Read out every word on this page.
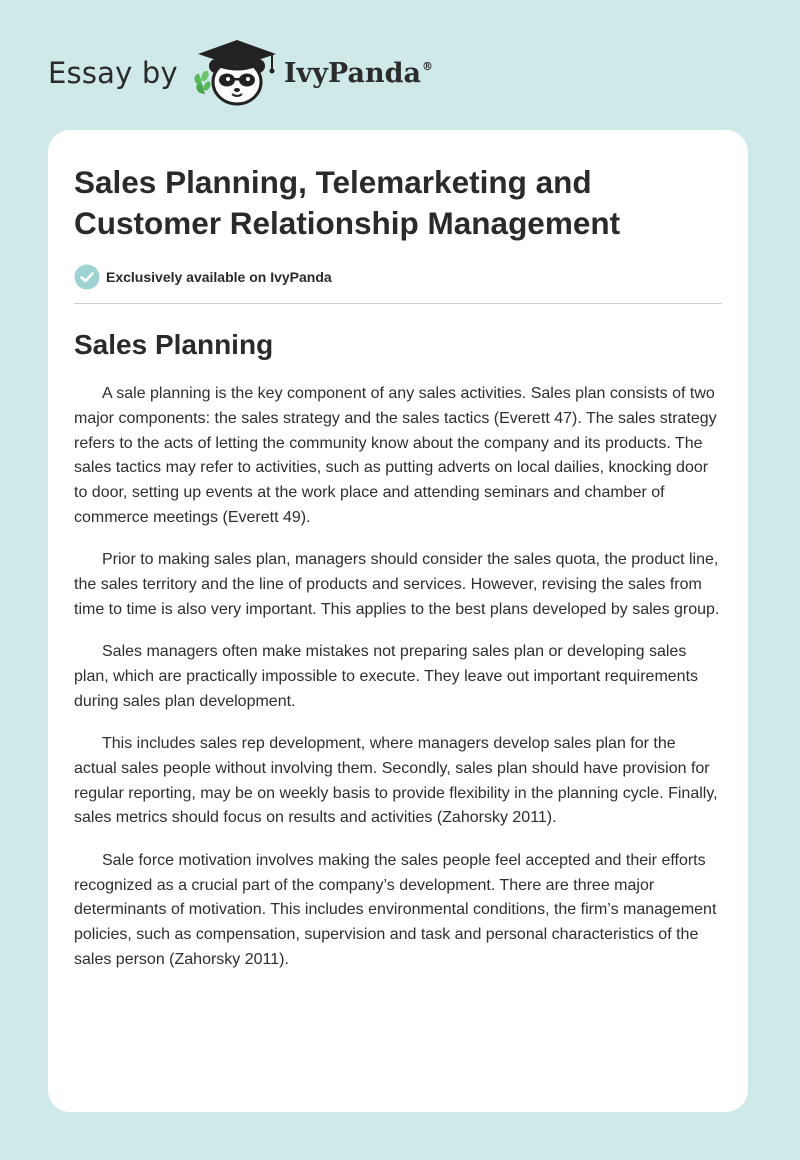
Essay by	IvyPanda®
Sales Planning, Telemarketing and Customer Relationship Management
Exclusively available on IvyPanda
Sales Planning

A sale planning is the key component of any sales activities. Sales plan consists of two major components: the sales strategy and the sales tactics (Everett 47). The sales strategy refers to the acts of letting the community know about the company and its products. The sales tactics may refer to activities, such as putting adverts on local dailies, knocking door to door, setting up events at the work place and attending seminars and chamber of commerce meetings (Everett 49).

Prior to making sales plan, managers should consider the sales quota, the product line, the sales territory and the line of products and services. However, revising the sales from time to time is also very important. This applies to the best plans developed by sales group.

Sales managers often make mistakes not preparing sales plan or developing sales plan, which are practically impossible to execute. They leave out important requirements during sales plan development.

This includes sales rep development, where managers develop sales plan for the actual sales people without involving them. Secondly, sales plan should have provision for regular reporting, may be on weekly basis to provide flexibility in the planning cycle. Finally, sales metrics should focus on results and activities (Zahorsky 2011).

Sale force motivation involves making the sales people feel accepted and their efforts recognized as a crucial part of the company’s development. There are three major determinants of motivation. This includes environmental conditions, the firm’s management policies, such as compensation, supervision and task and personal characteristics of the sales person (Zahorsky 2011).
